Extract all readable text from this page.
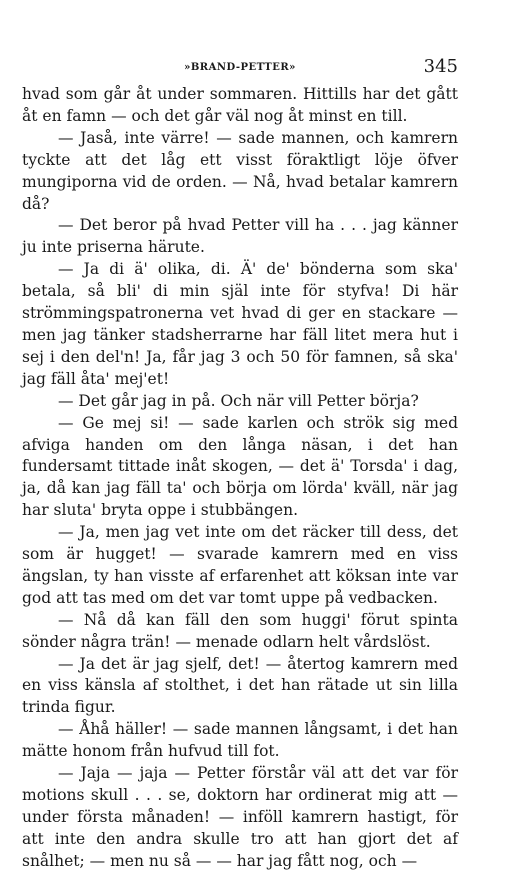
»BRAND-PETTER»	345

hvad som går åt under sommaren. Hittills har det gått åt en famn — och det går väl nog åt minst en till.

— Jaså, inte värre! — sade mannen, och kamrern tyckte att det låg ett visst föraktligt löje öfver mungiporna vid de orden. — Nå, hvad betalar kamrern då?

— Det beror på hvad Petter vill ha . . . jag känner ju inte priserna härute.

— Ja di ä' olika, di. Ä' de' bönderna som ska' betala, så bli' di min själ inte för styfva! Di här strömmingspatronerna vet hvad di ger en stackare — men jag tänker stadsherrarne har fäll litet mera hut i sej i den del'n! Ja, får jag 3 och 50 för famnen, så ska' jag fäll åta' mej'et!

— Det går jag in på. Och när vill Petter börja?

— Ge mej si! — sade karlen och strök sig med afviga handen om den långa näsan, i det han fundersamt tittade inåt skogen, — det ä' Torsda' i dag, ja, då kan jag fäll ta' och börja om lörda' kväll, när jag har sluta' bryta oppe i stubbängen.

— Ja, men jag vet inte om det räcker till dess, det som är hugget! — svarade kamrern med en viss ängslan, ty han visste af erfarenhet att köksan inte var god att tas med om det var tomt uppe på vedbacken.

— Nå då kan fäll den som huggi' förut spinta sönder några trän! — menade odlarn helt vårdslöst.

— Ja det är jag sjelf, det! — återtog kamrern med en viss känsla af stolthet, i det han rätade ut sin lilla trinda figur.

— Åhå häller! — sade mannen långsamt, i det han mätte honom från hufvud till fot.

— Jaja — jaja — Petter förstår väl att det var för motions skull . . . se, doktorn har ordinerat mig att — under första månaden! — inföll kamrern hastigt, för att inte den andra skulle tro att han gjort det af snålhet; — men nu så — — har jag fått nog, och —
